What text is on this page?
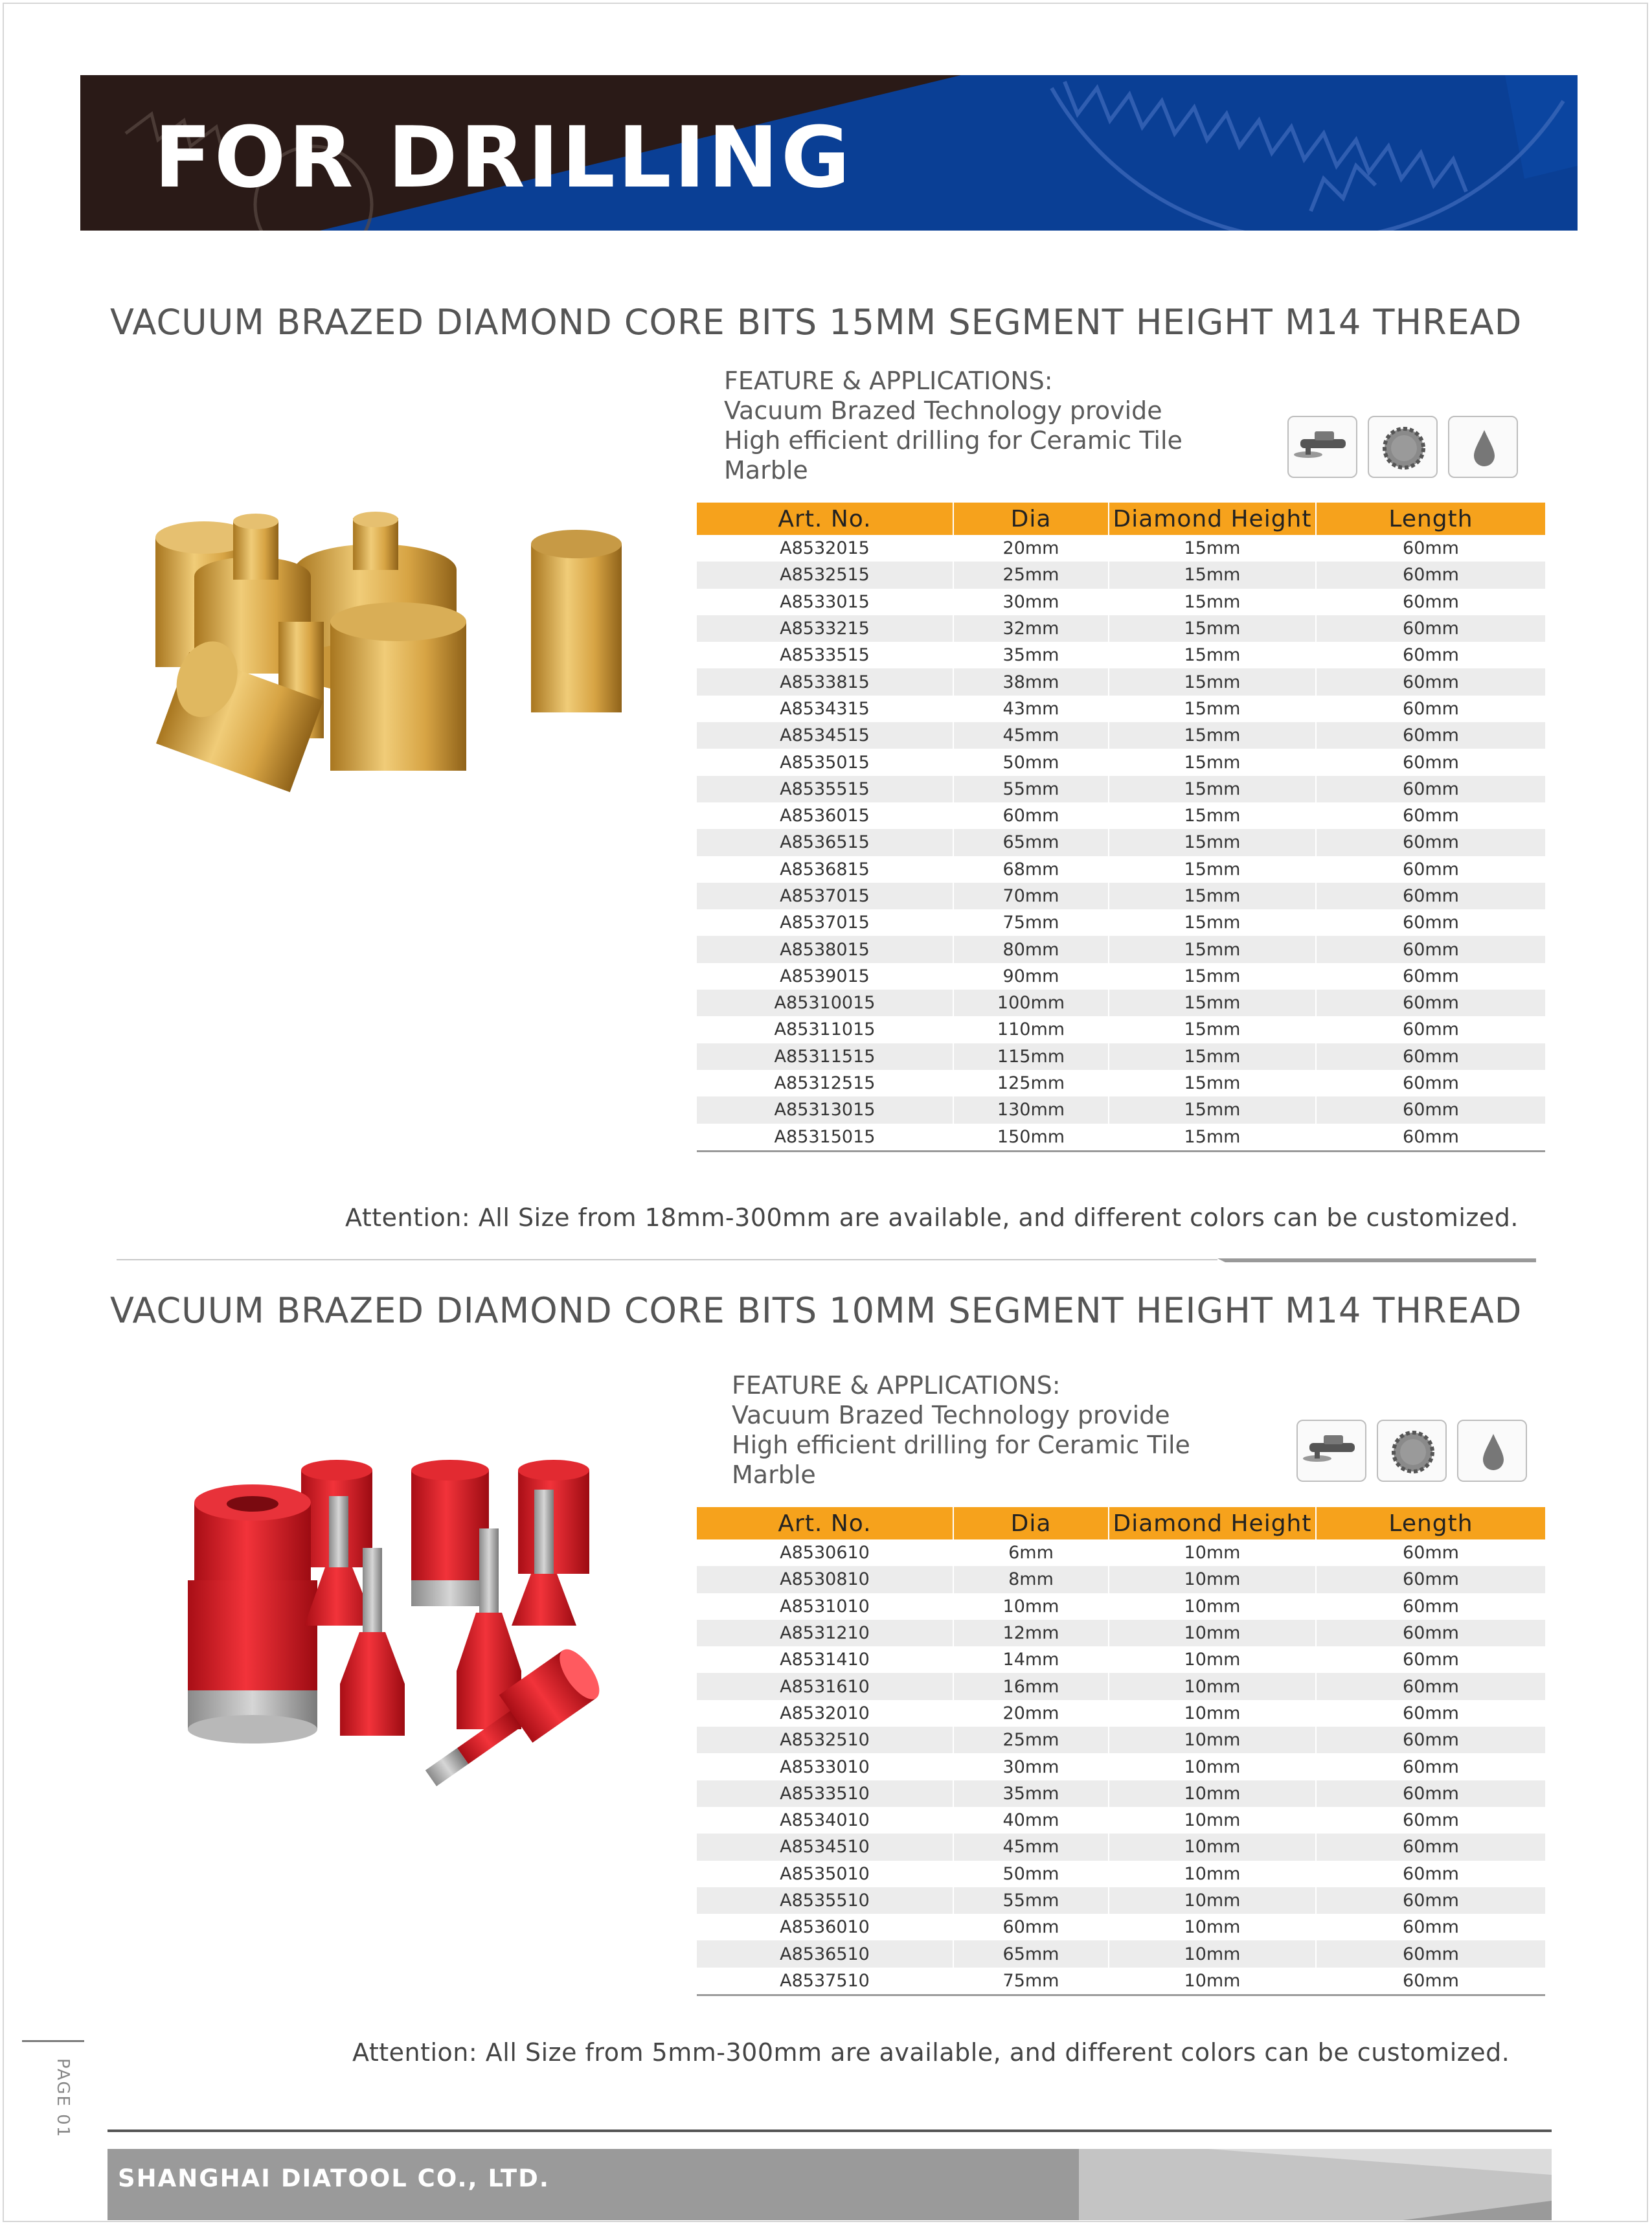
FOR DRILLING
VACUUM BRAZED DIAMOND CORE BITS 15MM SEGMENT HEIGHT M14 THREAD
FEATURE & APPLICATIONS:
Vacuum Brazed Technology provide
High efficient drilling for Ceramic Tile
Marble
Art. No.	Dia	Diamond Height	Length
A8532015	20mm	15mm	60mm
A8532515	25mm	15mm	60mm
A8533015	30mm	15mm	60mm
A8533215	32mm	15mm	60mm
A8533515	35mm	15mm	60mm
A8533815	38mm	15mm	60mm
A8534315	43mm	15mm	60mm
A8534515	45mm	15mm	60mm
A8535015	50mm	15mm	60mm
A8535515	55mm	15mm	60mm
A8536015	60mm	15mm	60mm
A8536515	65mm	15mm	60mm
A8536815	68mm	15mm	60mm
A8537015	70mm	15mm	60mm
A8537015	75mm	15mm	60mm
A8538015	80mm	15mm	60mm
A8539015	90mm	15mm	60mm
A85310015	100mm	15mm	60mm
A85311015	110mm	15mm	60mm
A85311515	115mm	15mm	60mm
A85312515	125mm	15mm	60mm
A85313015	130mm	15mm	60mm
A85315015	150mm	15mm	60mm
Attention: All Size from 18mm-300mm are available, and different colors can be customized.
VACUUM BRAZED DIAMOND CORE BITS 10MM SEGMENT HEIGHT M14 THREAD
FEATURE & APPLICATIONS:
Vacuum Brazed Technology provide
High efficient drilling for Ceramic Tile
Marble
Art. No.	Dia	Diamond Height	Length
A8530610	6mm	10mm	60mm
A8530810	8mm	10mm	60mm
A8531010	10mm	10mm	60mm
A8531210	12mm	10mm	60mm
A8531410	14mm	10mm	60mm
A8531610	16mm	10mm	60mm
A8532010	20mm	10mm	60mm
A8532510	25mm	10mm	60mm
A8533010	30mm	10mm	60mm
A8533510	35mm	10mm	60mm
A8534010	40mm	10mm	60mm
A8534510	45mm	10mm	60mm
A8535010	50mm	10mm	60mm
A8535510	55mm	10mm	60mm
A8536010	60mm	10mm	60mm
A8536510	65mm	10mm	60mm
A8537510	75mm	10mm	60mm
Attention: All Size from 5mm-300mm are available, and different colors can be customized.
PAGE 01
SHANGHAI DIATOOL CO., LTD.
